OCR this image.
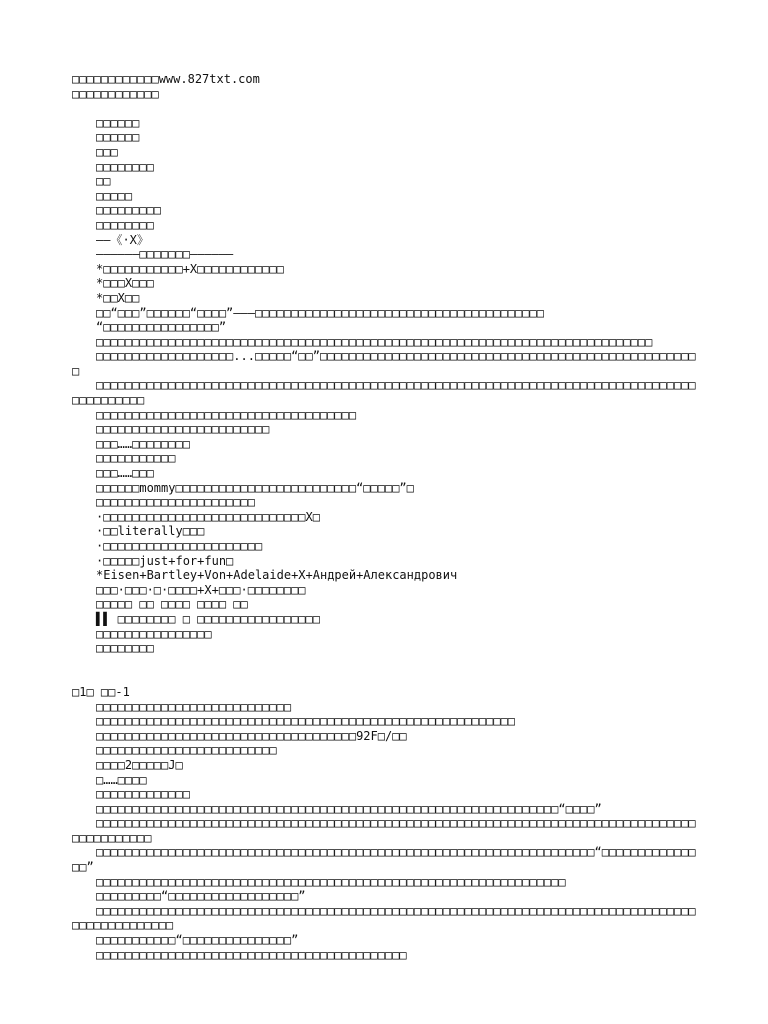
□□□□□□□□□□□□www.827txt.com
□□□□□□□□□□□□
□□□□□□
□□□□□□
□□□
□□□□□□□□
□□
□□□□□
□□□□□□□□□
□□□□□□□□
——《·X》
——————□□□□□□□——————
*□□□□□□□□□□□+X□□□□□□□□□□□□
*□□□X□□□
*□□X□□
□□“□□□”□□□□□□“□□□□”———□□□□□□□□□□□□□□□□□□□□□□□□□□□□□□□□□□□□□□□□
“□□□□□□□□□□□□□□□□”
□□□□□□□□□□□□□□□□□□□□□□□□□□□□□□□□□□□□□□□□□□□□□□□□□□□□□□□□□□□□□□□□□□□□□□□□□□□□□
□□□□□□□□□□□□□□□□□□□...□□□□□“□□”□□□□□□□□□□□□□□□□□□□□□□□□□□□□□□□□□□□□□□□□□□□□□□□□□□□□□
□□□□□□□□□□□□□□□□□□□□□□□□□□□□□□□□□□□□□□□□□□□□□□□□□□□□□□□□□□□□□□□□□□□□□□□□□□□□□□□□□□□□□□□□□□□□□
□□□□□□□□□□□□□□□□□□□□□□□□□□□□□□□□□□□□
□□□□□□□□□□□□□□□□□□□□□□□□
□□□……□□□□□□□□
□□□□□□□□□□□
□□□……□□□
□□□□□□mommy□□□□□□□□□□□□□□□□□□□□□□□□□“□□□□□”□
□□□□□□□□□□□□□□□□□□□□□□
·□□□□□□□□□□□□□□□□□□□□□□□□□□□□X□
·□□literally□□□
·□□□□□□□□□□□□□□□□□□□□□□
·□□□□□just+for+fun□
*Eisen+Bartley+Von+Adelaide+X+Андрей+Александрович
□□□·□□□·□·□□□□+X+□□□·□□□□□□□□
□□□□□ □□ □□□□ □□□□ □□
▌▌ □□□□□□□□ □ □□□□□□□□□□□□□□□□□
□□□□□□□□□□□□□□□□
□□□□□□□□
□1□ □□-1
□□□□□□□□□□□□□□□□□□□□□□□□□□□
□□□□□□□□□□□□□□□□□□□□□□□□□□□□□□□□□□□□□□□□□□□□□□□□□□□□□□□□□□
□□□□□□□□□□□□□□□□□□□□□□□□□□□□□□□□□□□□92F□/□□
□□□□□□□□□□□□□□□□□□□□□□□□□
□□□□2□□□□□J□
□……□□□□
□□□□□□□□□□□□□
□□□□□□□□□□□□□□□□□□□□□□□□□□□□□□□□□□□□□□□□□□□□□□□□□□□□□□□□□□□□□□□□“□□□□”
□□□□□□□□□□□□□□□□□□□□□□□□□□□□□□□□□□□□□□□□□□□□□□□□□□□□□□□□□□□□□□□□□□□□□□□□□□□□□□□□□□□□□□□□□□□□□□
□□□□□□□□□□□□□□□□□□□□□□□□□□□□□□□□□□□□□□□□□□□□□□□□□□□□□□□□□□□□□□□□□□□□□“□□□□□□□□□□□□□□□”
□□□□□□□□□□□□□□□□□□□□□□□□□□□□□□□□□□□□□□□□□□□□□□□□□□□□□□□□□□□□□□□□□
□□□□□□□□□“□□□□□□□□□□□□□□□□□□”
□□□□□□□□□□□□□□□□□□□□□□□□□□□□□□□□□□□□□□□□□□□□□□□□□□□□□□□□□□□□□□□□□□□□□□□□□□□□□□□□□□□□□□□□□□□□□□□□□
□□□□□□□□□□□“□□□□□□□□□□□□□□□”
□□□□□□□□□□□□□□□□□□□□□□□□□□□□□□□□□□□□□□□□□□□
